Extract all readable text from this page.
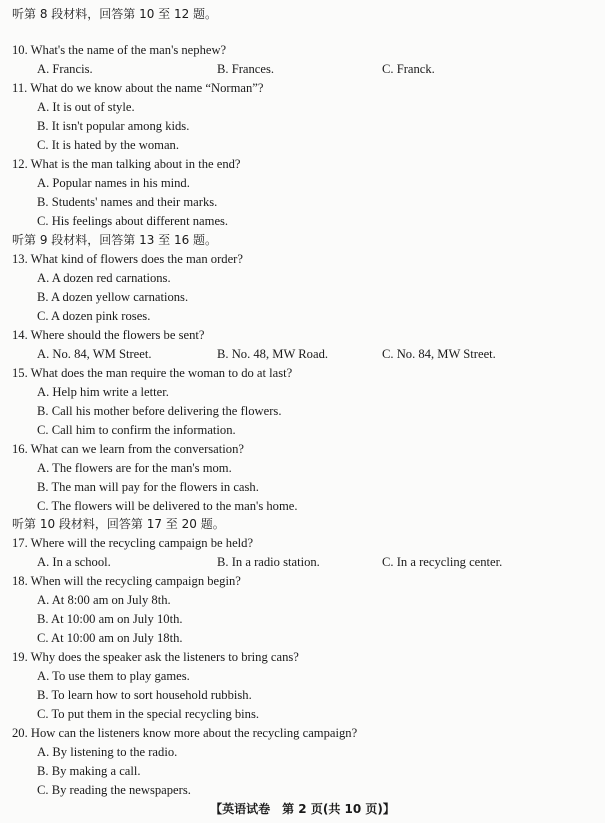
听第 8 段材料，回答第 10 至 12 题。
10. What's the name of the man's nephew?
A. Francis.	B. Frances.	C. Franck.
11. What do we know about the name “Norman”?
A. It is out of style.
B. It isn't popular among kids.
C. It is hated by the woman.
12. What is the man talking about in the end?
A. Popular names in his mind.
B. Students' names and their marks.
C. His feelings about different names.
听第 9 段材料，回答第 13 至 16 题。
13. What kind of flowers does the man order?
A. A dozen red carnations.
B. A dozen yellow carnations.
C. A dozen pink roses.
14. Where should the flowers be sent?
A. No. 84, WM Street.	B. No. 48, MW Road.	C. No. 84, MW Street.
15. What does the man require the woman to do at last?
A. Help him write a letter.
B. Call his mother before delivering the flowers.
C. Call him to confirm the information.
16. What can we learn from the conversation?
A. The flowers are for the man's mom.
B. The man will pay for the flowers in cash.
C. The flowers will be delivered to the man's home.
听第 10 段材料，回答第 17 至 20 题。
17. Where will the recycling campaign be held?
A. In a school.	B. In a radio station.	C. In a recycling center.
18. When will the recycling campaign begin?
A. At 8:00 am on July 8th.
B. At 10:00 am on July 10th.
C. At 10:00 am on July 18th.
19. Why does the speaker ask the listeners to bring cans?
A. To use them to play games.
B. To learn how to sort household rubbish.
C. To put them in the special recycling bins.
20. How can the listeners know more about the recycling campaign?
A. By listening to the radio.
B. By making a call.
C. By reading the newspapers.
【英语试卷　第 2 页(共 10 页)】
